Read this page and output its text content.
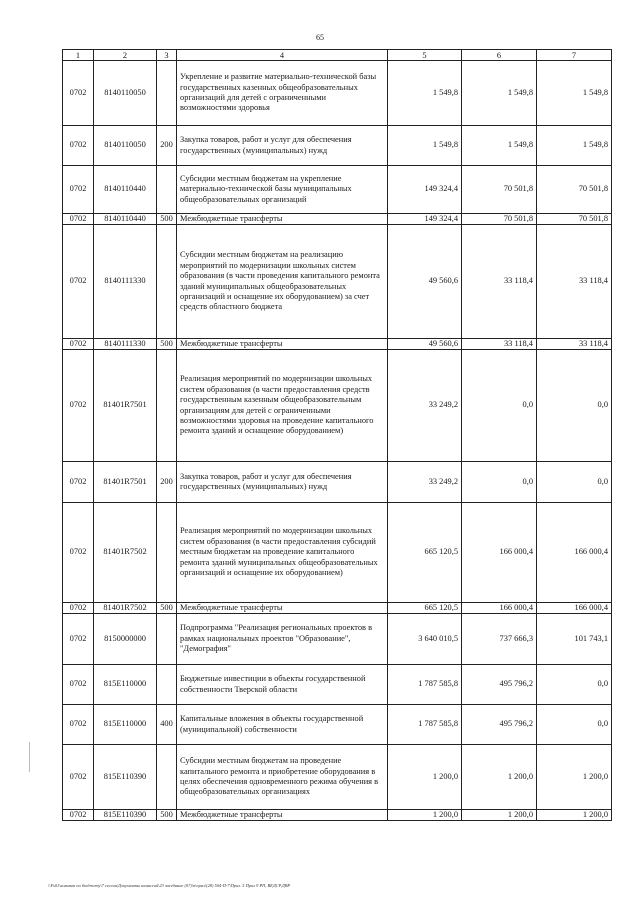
65
1	2	3	4	5	6	7
0702	8140110050		Укрепление и развитие материально-технической базы государственных казенных общеобразовательных организаций для детей с ограниченными возможностями здоровья	1 549,8	1 549,8	1 549,8
0702	8140110050	200	Закупка товаров, работ и услуг для обеспечения государственных (муниципальных) нужд	1 549,8	1 549,8	1 549,8
0702	8140110440		Субсидии местным бюджетам на укрепление материально-технической базы муниципальных общеобразовательных организаций	149 324,4	70 501,8	70 501,8
0702	8140110440	500	Межбюджетные трансферты	149 324,4	70 501,8	70 501,8
0702	8140111330		Субсидии местным бюджетам на реализацию мероприятий по модернизации школьных систем образования (в части проведения капитального ремонта зданий муниципальных общеобразовательных организаций и оснащение их оборудованием) за счет средств областного бюджета	49 560,6	33 118,4	33 118,4
0702	8140111330	500	Межбюджетные трансферты	49 560,6	33 118,4	33 118,4
0702	81401R7501		Реализация мероприятий по модернизации школьных систем образования (в части предоставления средств государственным казенным общеобразовательным организациям для детей с ограниченными возможностями здоровья на проведение капитального ремонта зданий и оснащение оборудованием)	33 249,2	0,0	0,0
0702	81401R7501	200	Закупка товаров, работ и услуг для обеспечения государственных (муниципальных) нужд	33 249,2	0,0	0,0
0702	81401R7502		Реализация мероприятий по модернизации школьных систем образования (в части предоставления субсидий местным бюджетам на проведение капитального ремонта зданий муниципальных общеобразовательных организаций и оснащение их оборудованием)	665 120,5	166 000,4	166 000,4
0702	81401R7502	500	Межбюджетные трансферты	665 120,5	166 000,4	166 000,4
0702	8150000000		Подпрограмма "Реализация региональных проектов в рамках национальных проектов "Образование", "Демография"	3 640 010,5	737 666,3	101 743,1
0702	815E110000		Бюджетные инвестиции в объекты государственной собственности Тверской области	1 787 585,8	495 796,2	0,0
0702	815E110000	400	Капитальные вложения в объекты государственной (муниципальной) собственности	1 787 585,8	495 796,2	0,0
0702	815E110390		Субсидии местным бюджетам на проведение капитального ремонта и приобретение оборудования в целях обеспечения одновременного режима обучения в общеобразовательных организациях	1 200,0	1 200,0	1 200,0
0702	815E110390	500	Межбюджетные трансферты	1 200,0	1 200,0	1 200,0
\\Fs01\коммит по бюджету\7 сессия\Документы комиссий\23 заседание (07)\п\прил\(28) 504-П-7\Прил. 5 Прил 9 РП, ВЕДСР.ДВР
